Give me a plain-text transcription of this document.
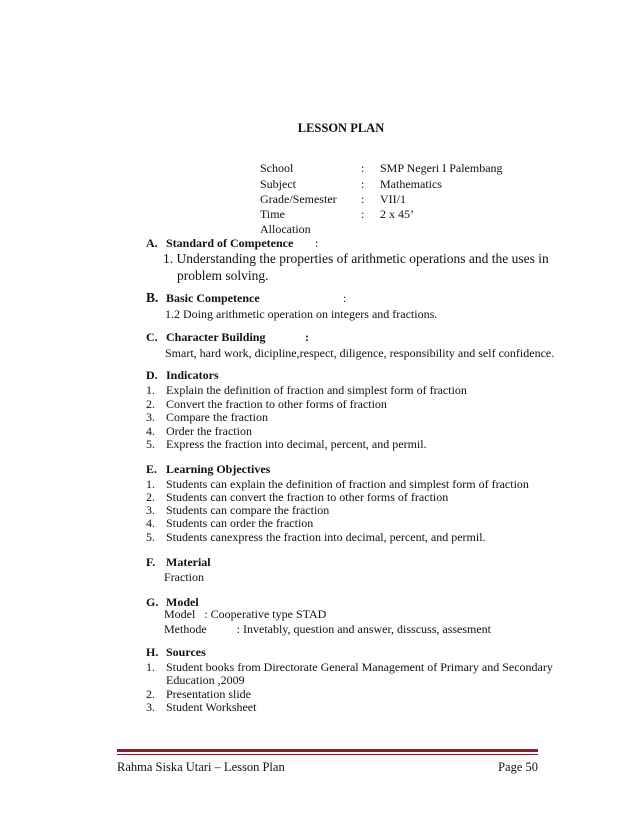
LESSON PLAN
School	: SMP Negeri I Palembang
Subject	: Mathematics
Grade/Semester : VII/1
Time Allocation
: 2 x 45’
A. Standard of Competence :
1. Understanding the properties of arithmetic operations and the uses in
problem solving.
B. Basic Competence	:
1.2 Doing arithmetic operation on integers and fractions.
C. Character Building	:
Smart, hard work, dicipline,respect, diligence, responsibility and self confidence.
D. Indicators
1. Explain the definition of fraction and simplest form of fraction
2. Convert the fraction to other forms of fraction
3. Compare the fraction
4. Order the fraction
5. Express the fraction into decimal, percent, and permil.
E. Learning Objectives
1. Students can explain the definition of fraction and simplest form of fraction
2. Students can convert the fraction to other forms of fraction
3. Students can compare the fraction
4. Students can order the fraction
5. Students canexpress the fraction into decimal, percent, and permil.
F. Material
Fraction
G. Model
Model   : Cooperative type STAD
Methode          : Invetably, question and answer, disscuss, assesment
H. Sources
1. Student books from Directorate General Management of Primary and Secondary
Education ,2009
2. Presentation slide
3. Student Worksheet
Rahma Siska Utari – Lesson Plan	Page 50
